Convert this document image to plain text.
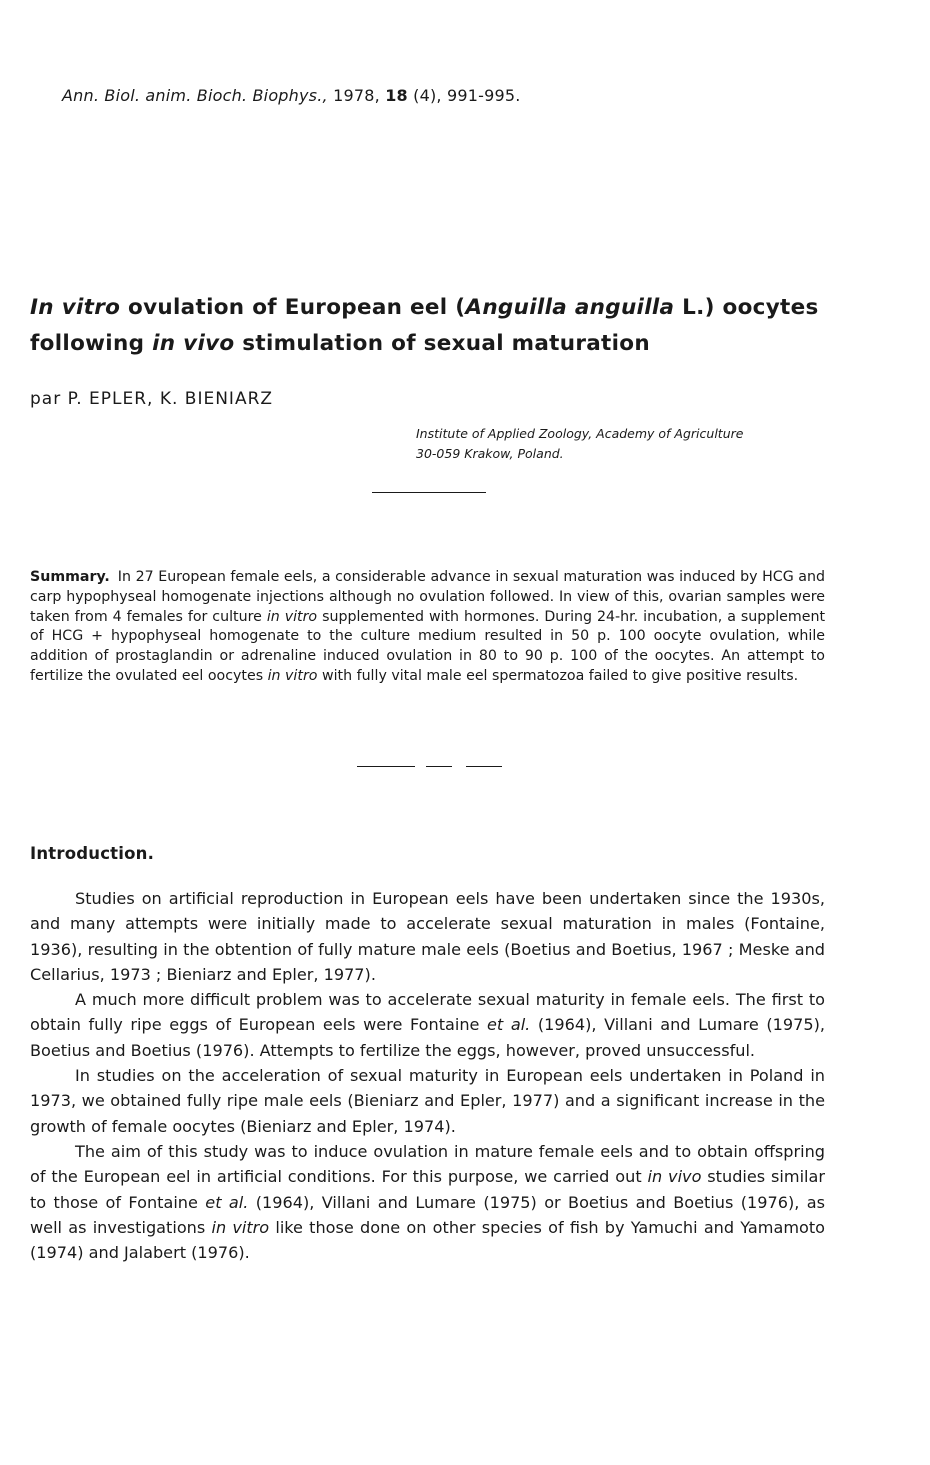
Ann. Biol. anim. Bioch. Biophys., 1978, 18 (4), 991-995.
In vitro ovulation of European eel (Anguilla anguilla L.) oocytes
following in vivo stimulation of sexual maturation
par P. EPLER, K. BIENIARZ
Institute of Applied Zoology, Academy of Agriculture
30-059 Krakow, Poland.
Summary. In 27 European female eels, a considerable advance in sexual maturation was induced by HCG and carp hypophyseal homogenate injections although no ovulation followed. In view of this, ovarian samples were taken from 4 females for culture in vitro supplemented with hormones. During 24-hr. incubation, a supplement of HCG + hypophyseal homogenate to the culture medium resulted in 50 p. 100 oocyte ovulation, while addition of prostaglandin or adrenaline induced ovulation in 80 to 90 p. 100 of the oocytes. An attempt to fertilize the ovulated eel oocytes in vitro with fully vital male eel spermatozoa failed to give positive results.
Introduction.

Studies on artificial reproduction in European eels have been undertaken since the 1930s, and many attempts were initially made to accelerate sexual maturation in males (Fontaine, 1936), resulting in the obtention of fully mature male eels (Boetius and Boetius, 1967 ; Meske and Cellarius, 1973 ; Bieniarz and Epler, 1977).

A much more difficult problem was to accelerate sexual maturity in female eels. The first to obtain fully ripe eggs of European eels were Fontaine et al. (1964), Villani and Lumare (1975), Boetius and Boetius (1976). Attempts to fertilize the eggs, however, proved unsuccessful.

In studies on the acceleration of sexual maturity in European eels undertaken in Poland in 1973, we obtained fully ripe male eels (Bieniarz and Epler, 1977) and a significant increase in the growth of female oocytes (Bieniarz and Epler, 1974).

The aim of this study was to induce ovulation in mature female eels and to obtain offspring of the European eel in artificial conditions. For this purpose, we carried out in vivo studies similar to those of Fontaine et al. (1964), Villani and Lumare (1975) or Boetius and Boetius (1976), as well as investigations in vitro like those done on other species of fish by Yamuchi and Yamamoto (1974) and Jalabert (1976).
